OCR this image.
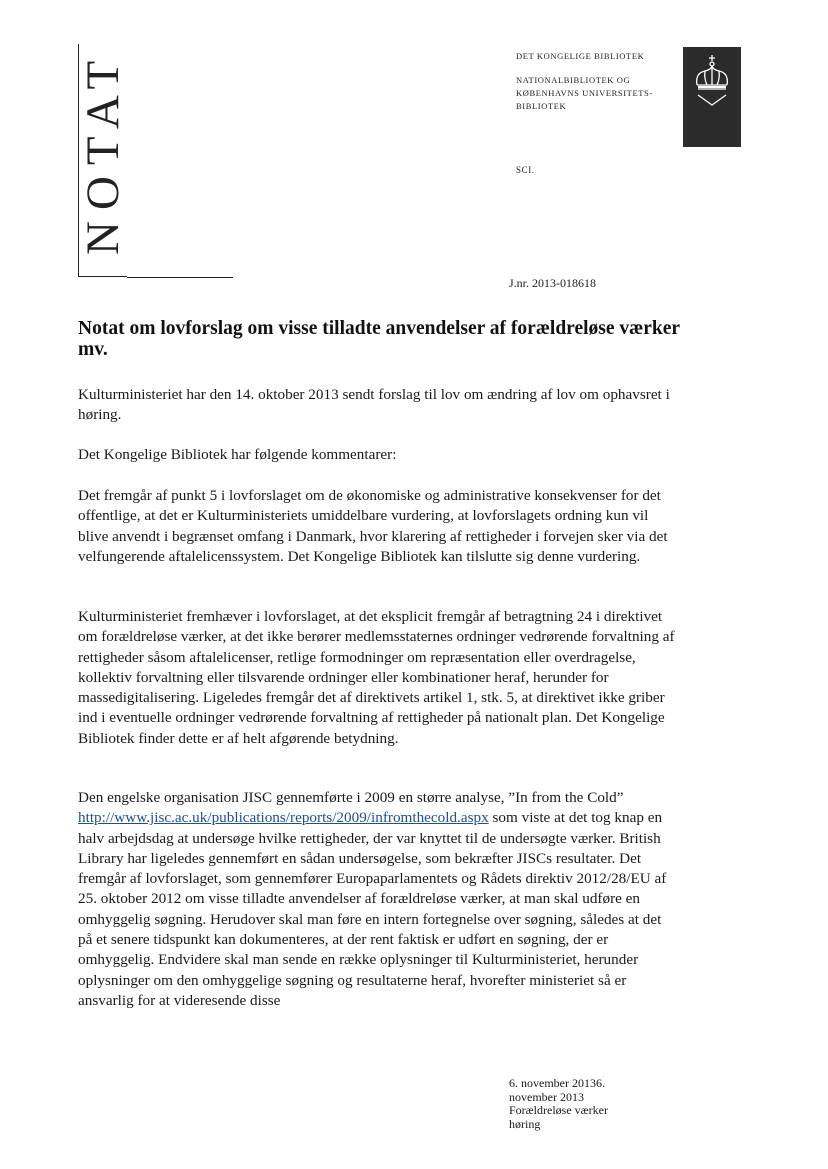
NOTAT	DET KONGELIGE BIBLIOTEK
NATIONALBIBLIOTEK OG
KØBENHAVNS UNIVERSITETS-
BIBLIOTEK
SCI.
J.nr. 2013-018618
Notat om lovforslag om visse tilladte anvendelser af forældreløse værker mv.

Kulturministeriet har den 14. oktober 2013 sendt forslag til lov om ændring af lov om ophavsret i høring.

Det Kongelige Bibliotek har følgende kommentarer:

Det fremgår af punkt 5 i lovforslaget om de økonomiske og administrative konsekvenser for det offentlige, at det er Kulturministeriets umiddelbare vurdering, at lovforslagets ordning kun vil blive anvendt i begrænset omfang i Danmark, hvor klarering af rettigheder i forvejen sker via det velfungerende aftalelicenssystem. Det Kongelige Bibliotek kan tilslutte sig denne vurdering.

Kulturministeriet fremhæver i lovforslaget, at det eksplicit fremgår af betragtning 24 i direktivet om forældreløse værker, at det ikke berører medlemsstaternes ordninger vedrørende forvaltning af rettigheder såsom aftalelicenser, retlige formodninger om repræsentation eller overdragelse, kollektiv forvaltning eller tilsvarende ordninger eller kombinationer heraf, herunder for massedigitalisering. Ligeledes fremgår det af direktivets artikel 1, stk. 5, at direktivet ikke griber ind i eventuelle ordninger vedrørende forvaltning af rettigheder på nationalt plan. Det Kongelige Bibliotek finder dette er af helt afgørende betydning.

Den engelske organisation JISC gennemførte i 2009 en større analyse, ”In from the Cold” http://www.jisc.ac.uk/publications/reports/2009/infromthecold.aspx som viste at det tog knap en halv arbejdsdag at undersøge hvilke rettigheder, der var knyttet til de undersøgte værker. British Library har ligeledes gennemført en sådan undersøgelse, som bekræfter JISCs resultater. Det fremgår af lovforslaget, som gennemfører Europaparlamentets og Rådets direktiv 2012/28/EU af 25. oktober 2012 om visse tilladte anvendelser af forældreløse værker, at man skal udføre en omhyggelig søgning. Herudover skal man føre en intern fortegnelse over søgning, således at det på et senere tidspunkt kan dokumenteres, at der rent faktisk er udført en søgning, der er omhyggelig. Endvidere skal man sende en række oplysninger til Kulturministeriet, herunder oplysninger om den omhyggelige søgning og resultaterne heraf, hvorefter ministeriet så er ansvarlig for at videresende disse

6. november 20136.
november 2013
Forældreløse værker
høring
